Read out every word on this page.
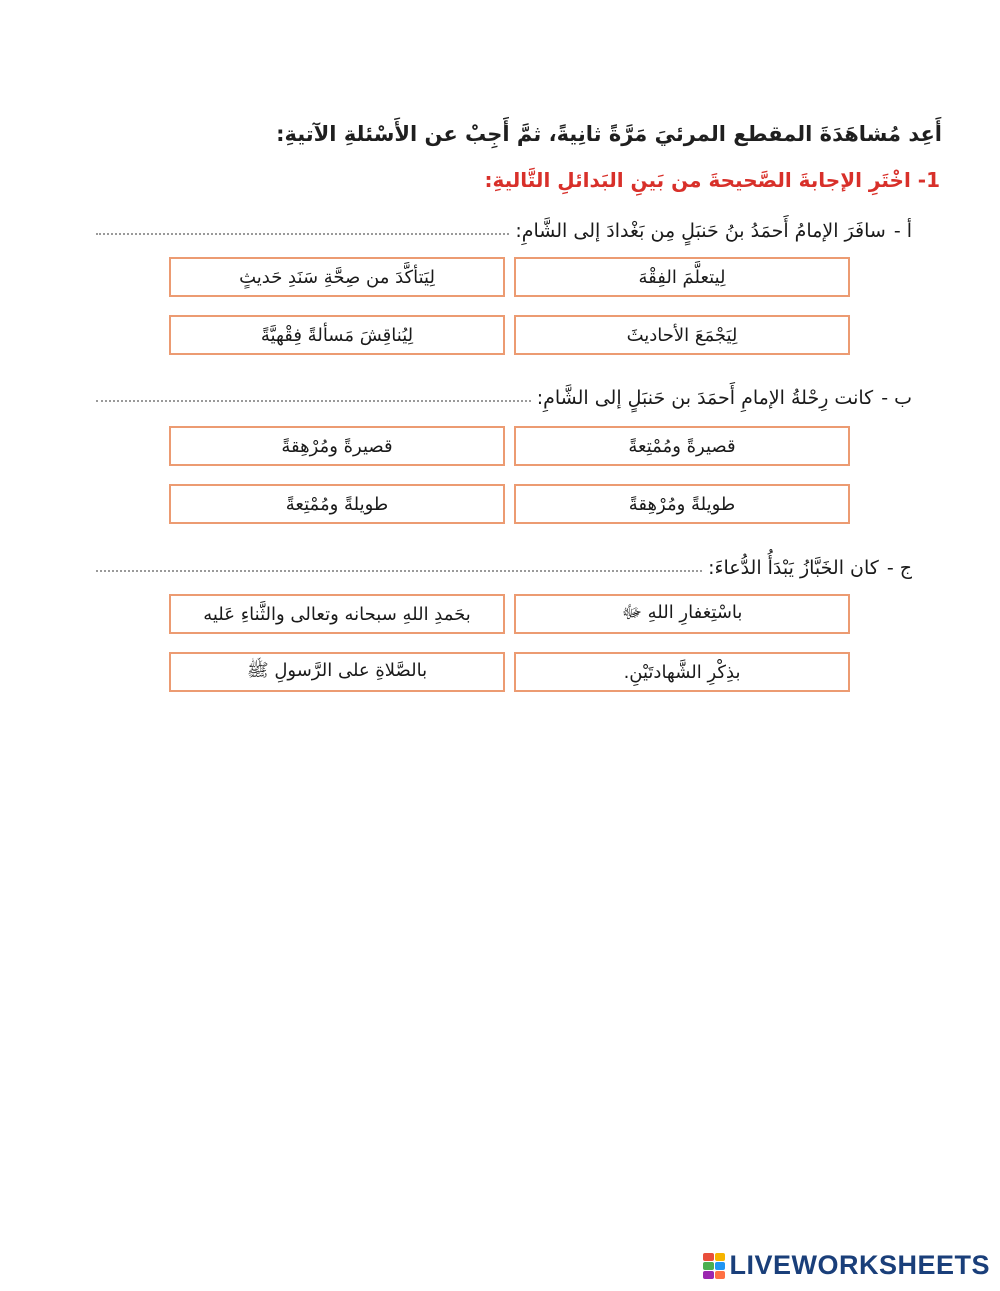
أَعِد مُشاهَدَةَ المقطع المرئيَ مَرَّةً ثانِيةً، ثمَّ أَجِبْ عن الأَسْئلةِ الآتيةِ:
1- اخْتَرِ الإجابةَ الصَّحيحةَ من بَينِ البَدائلِ التَّاليةِ:
أ -
سافَرَ الإمامُ أَحمَدُ بنُ حَنبَلٍ مِن بَغْدادَ إلى الشَّامِ:
لِيتعلَّمَ الفِقْهَ
لِيَتأكَّدَ من صِحَّةِ سَنَدِ حَديثٍ
لِيَجْمَعَ الأحاديثَ
لِيُناقِشَ مَسألةً فِقْهيَّةً
ب -
كانت رِحْلةُ الإمامِ أَحمَدَ بن حَنبَلٍ إلى الشَّامِ:
قصيرةً ومُمْتِعةً
قصيرةً ومُرْهِقةً
طويلةً ومُرْهِقةً
طويلةً ومُمْتِعةً
ج -
كان الخَبَّازُ يَبْدَأُ الدُّعاءَ:
باسْتِغفارِ اللهِ ﷻ
بحَمدِ اللهِ سبحانه وتعالى والثَّناءِ عَليه
بذِكْرِ الشَّهادتَيْنِ.
بالصَّلاةِ على الرَّسولِ ﷺ
LIVEWORKSHEETS
